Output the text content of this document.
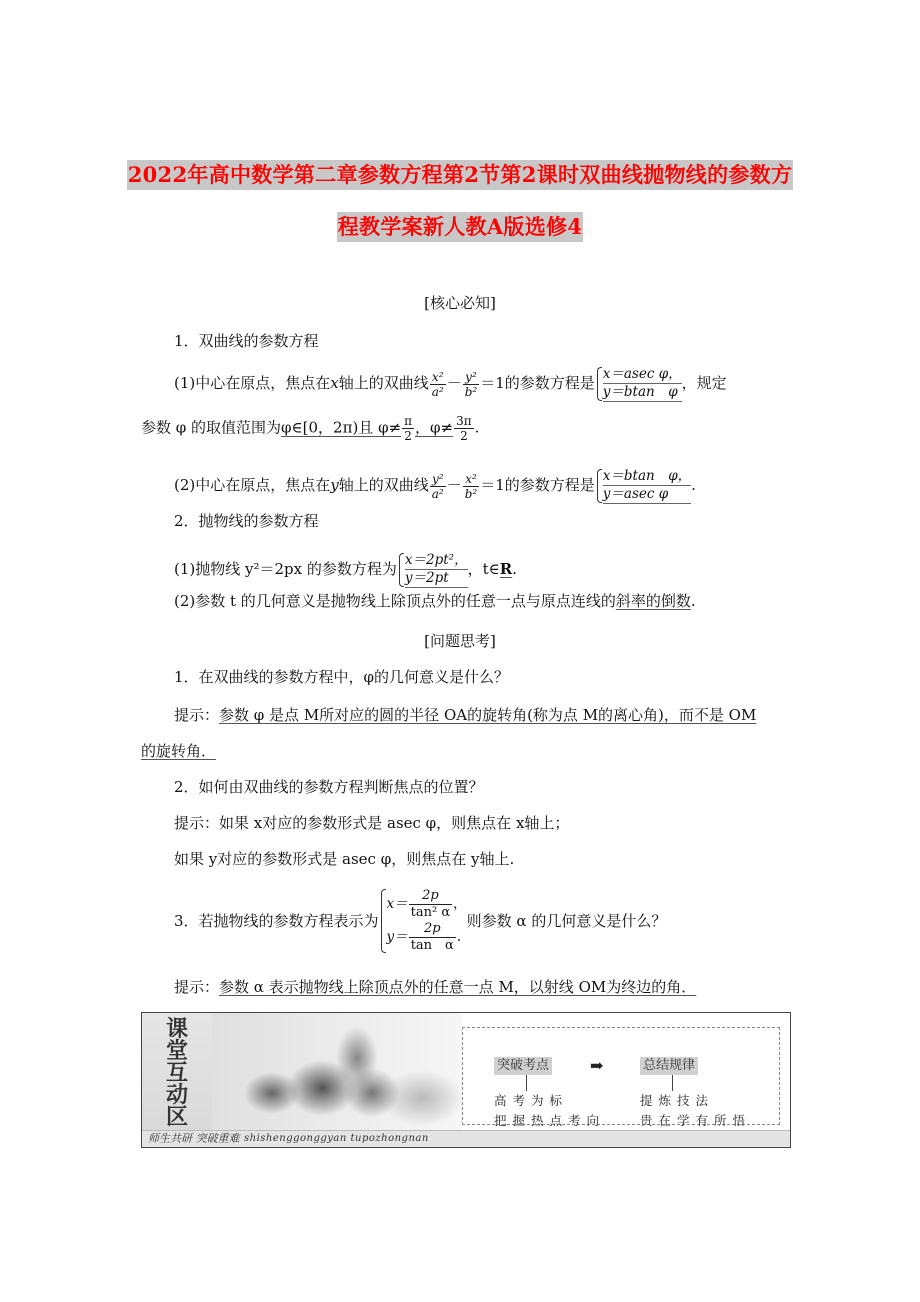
2022年高中数学第二章参数方程第2节第2课时双曲线抛物线的参数方
程教学案新人教A版选修4
[核心必知]
1．双曲线的参数方程
(1)中心在原点，焦点在x轴上的双曲线 $\frac{\text{x²}}{\text{a²}} - \frac{\text{y²}}{\text{b²}} =1$的参数方程是 x＝asec φ，
y＝btan　φ ，规定
参数 φ 的取值范围为φ∈[0，2π)且 $\varphi\ne \frac{\pi}{2}$ ，$\varphi\ne \frac{3\pi}{2}$ .
(2)中心在原点，焦点在y轴上的双曲线 $\frac{\text{y²}}{\text{a²}} - \frac{\text{x²}}{\text{b²}} =1$的参数方程是 x＝btan　φ，
y＝asec φ	.
2．抛物线的参数方程
(1)抛物线 y²＝2px 的参数方程为 $\frac{\text{x＝2pt²，}}{y=2pt}$ ，t∈R.
(2)参数 t 的几何意义是抛物线上除顶点外的任意一点与原点连线的斜率的倒数.
[问题思考]
1．在双曲线的参数方程中，φ的几何意义是什么？
提示：参数 φ 是点 M所对应的圆的半径 OA的旋转角(称为点 M的离心角)，而不是 OM
的旋转角．
2．如何由双曲线的参数方程判断焦点的位置？
提示：如果 x对应的参数形式是 asec φ，则焦点在 x轴上；
如果 y对应的参数形式是 asec φ，则焦点在 y轴上.
3．若抛物线的参数方程表示为
$x= \frac{2p}{\text{tan² α}}$ ，
$y= \frac{2p}{\text{tan　α}}$ .
则参数 α 的几何意义是什么？
提示：参数 α 表示抛物线上除顶点外的任意一点 M，以射线 OM为终边的角．
课
堂
互
动
区
突破考点	➡	总结规律
高考为标
把握热点考向
提炼技法
贵在学有所悟
师生共研 突破重难 shishenggonggyan tupozhongnan
